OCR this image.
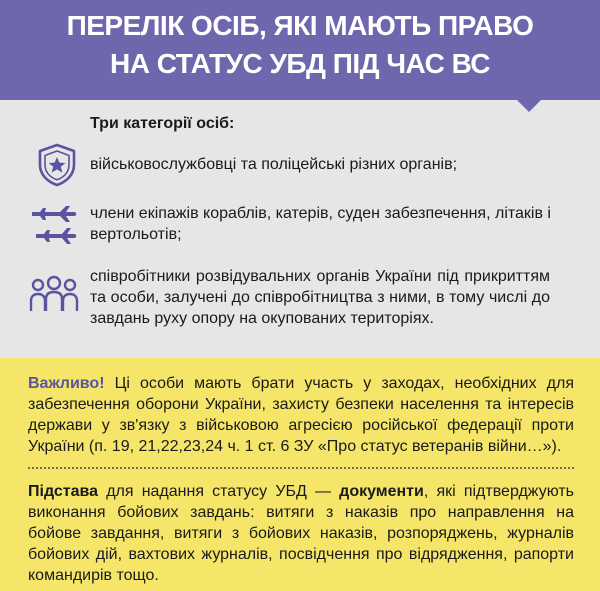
ПЕРЕЛІК ОСІБ, ЯКІ МАЮТЬ ПРАВО
НА СТАТУС УБД ПІД ЧАС ВС
Три категорії осіб:
військовослужбовці та поліцейські різних органів;
члени екіпажів кораблів, катерів, суден забезпечення, літаків і вертольотів;
співробітники розвідувальних органів України під прикриттям та особи, залучені до співробітництва з ними, в тому числі до завдань руху опору на окупованих територіях.
Важливо! Ці особи мають брати участь у заходах, необхідних для забезпечення оборони України, захисту безпеки населення та інтересів держави у зв'язку з військовою агресією російської федерації проти України (п. 19, 21,22,23,24 ч. 1 ст. 6 ЗУ «Про статус ветеранів війни…»).
Підстава для надання статусу УБД — документи, які підтверджують виконання бойових завдань: витяги з наказів про направлення на бойове завдання, витяги з бойових наказів, розпоряджень, журналів бойових дій, вахтових журналів, посвідчення про відрядження, рапорти командирів тощо.
